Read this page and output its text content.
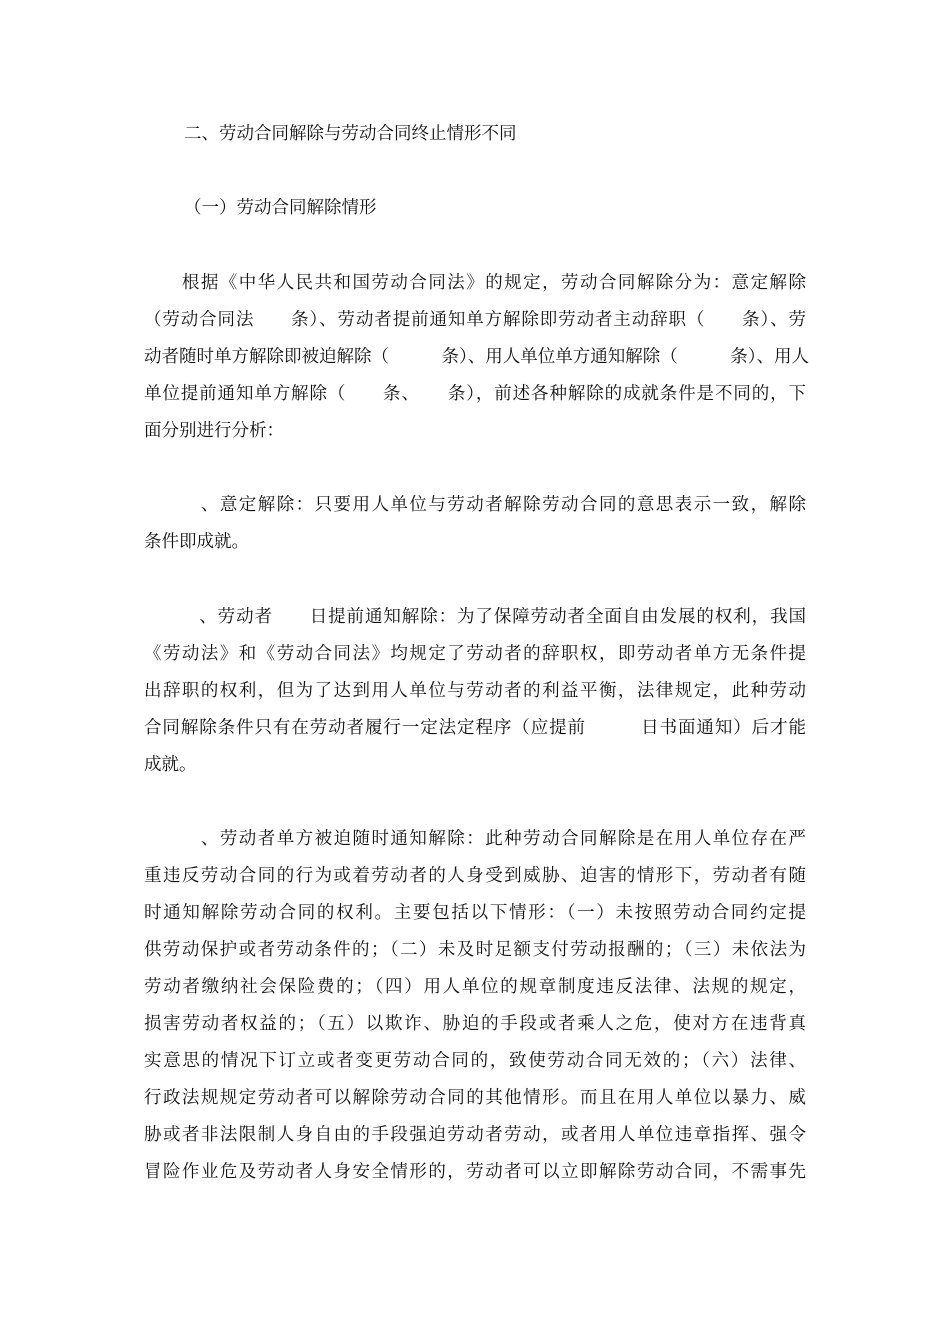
二、劳动合同解除与劳动合同终止情形不同
（一）劳动合同解除情形
　　根据《中华人民共和国劳动合同法》的规定，劳动合同解除分为：意定解除
（劳动合同法　　条）、劳动者提前通知单方解除即劳动者主动辞职（　　条）、劳
动者随时单方解除即被迫解除（　　　条）、用人单位单方通知解除（　　　条）、用人
单位提前通知单方解除（　　条、　　条），前述各种解除的成就条件是不同的，下
面分别进行分析：
　　　、意定解除：只要用人单位与劳动者解除劳动合同的意思表示一致，解除
条件即成就。
　　　、劳动者　　日提前通知解除：为了保障劳动者全面自由发展的权利，我国
《劳动法》和《劳动合同法》均规定了劳动者的辞职权，即劳动者单方无条件提
出辞职的权利，但为了达到用人单位与劳动者的利益平衡，法律规定，此种劳动
合同解除条件只有在劳动者履行一定法定程序（应提前　　　日书面通知）后才能
成就。
　　　、劳动者单方被迫随时通知解除：此种劳动合同解除是在用人单位存在严
重违反劳动合同的行为或着劳动者的人身受到威胁、迫害的情形下，劳动者有随
时通知解除劳动合同的权利。主要包括以下情形：（一）未按照劳动合同约定提
供劳动保护或者劳动条件的；（二）未及时足额支付劳动报酬的；（三）未依法为
劳动者缴纳社会保险费的；（四）用人单位的规章制度违反法律、法规的规定，
损害劳动者权益的；（五）以欺诈、胁迫的手段或者乘人之危，使对方在违背真
实意思的情况下订立或者变更劳动合同的，致使劳动合同无效的；（六）法律、
行政法规规定劳动者可以解除劳动合同的其他情形。而且在用人单位以暴力、威
胁或者非法限制人身自由的手段强迫劳动者劳动，或者用人单位违章指挥、强令
冒险作业危及劳动者人身安全情形的，劳动者可以立即解除劳动合同，不需事先
